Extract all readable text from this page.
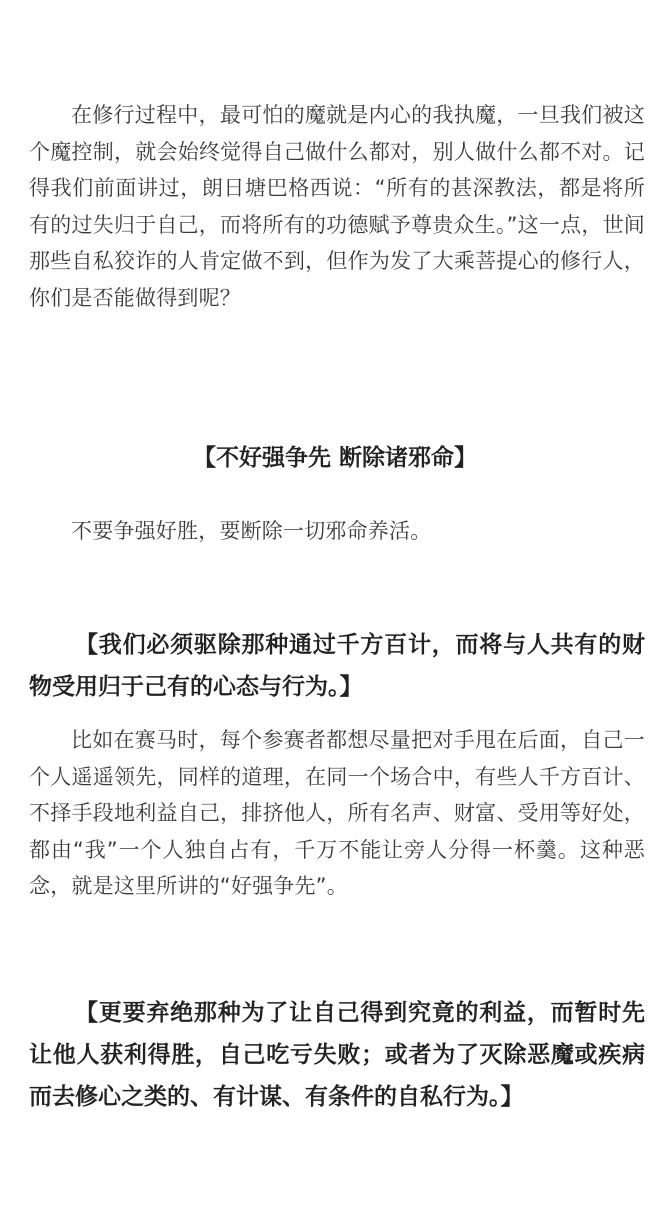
在修行过程中，最可怕的魔就是内心的我执魔，一旦我们被这个魔控制，就会始终觉得自己做什么都对，别人做什么都不对。记得我们前面讲过，朗日塘巴格西说：“所有的甚深教法，都是将所有的过失归于自己，而将所有的功德赋予尊贵众生。”这一点，世间那些自私狡诈的人肯定做不到，但作为发了大乘菩提心的修行人，你们是否能做得到呢？

【不好强争先 断除诸邪命】

不要争强好胜，要断除一切邪命养活。

【我们必须驱除那种通过千方百计，而将与人共有的财物受用归于己有的心态与行为。】

比如在赛马时，每个参赛者都想尽量把对手甩在后面，自己一个人遥遥领先，同样的道理，在同一个场合中，有些人千方百计、不择手段地利益自己，排挤他人，所有名声、财富、受用等好处，都由“我”一个人独自占有，千万不能让旁人分得一杯羹。这种恶念，就是这里所讲的“好强争先”。

【更要弃绝那种为了让自己得到究竟的利益，而暂时先让他人获利得胜，自己吃亏失败；或者为了灭除恶魔或疾病而去修心之类的、有计谋、有条件的自私行为。】
